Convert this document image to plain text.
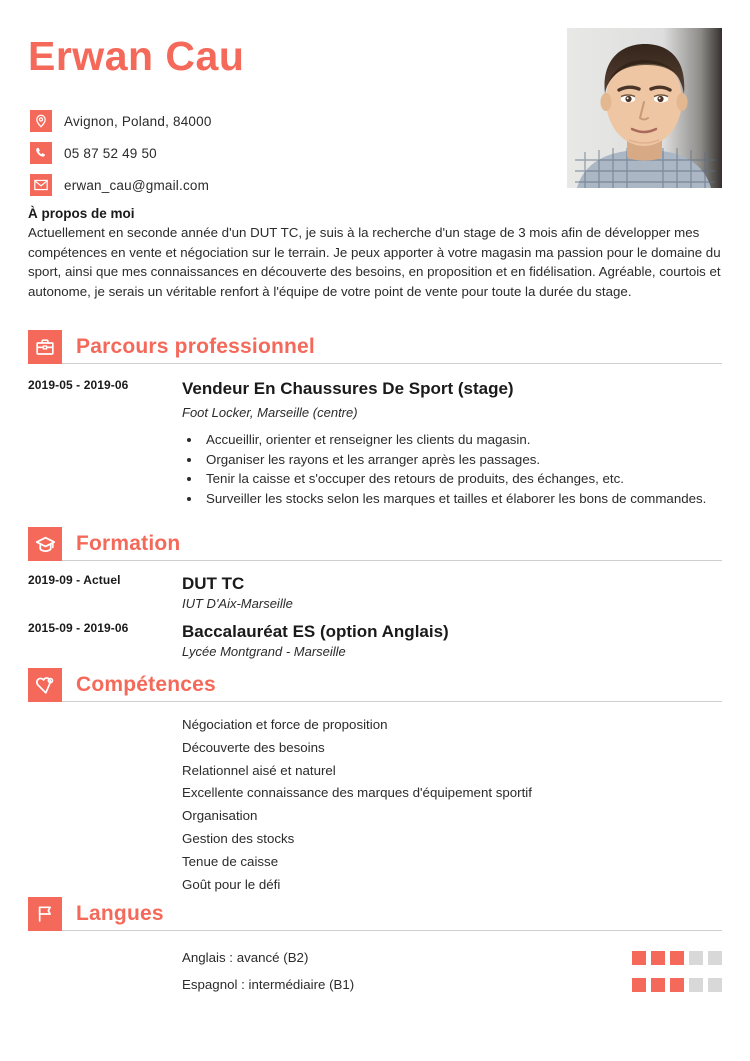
Erwan Cau
Avignon, Poland, 84000
05 87 52 49 50
erwan_cau@gmail.com
À propos de moi
Actuellement en seconde année d'un DUT TC, je suis à la recherche d'un stage de 3 mois afin de développer mes compétences en vente et négociation sur le terrain. Je peux apporter à votre magasin ma passion pour le domaine du sport, ainsi que mes connaissances en découverte des besoins, en proposition et en fidélisation. Agréable, courtois et autonome, je serais un véritable renfort à l'équipe de votre point de vente pour toute la durée du stage.
Parcours professionnel
2019-05 - 2019-06	Vendeur En Chaussures De Sport (stage)
Foot Locker, Marseille (centre)
• Accueillir, orienter et renseigner les clients du magasin.
• Organiser les rayons et les arranger après les passages.
• Tenir la caisse et s'occuper des retours de produits, des échanges, etc.
• Surveiller les stocks selon les marques et tailles et élaborer les bons de commandes.
Formation
2019-09 - Actuel	DUT TC
IUT D'Aix-Marseille
2015-09 - 2019-06	Baccalauréat ES (option Anglais)
Lycée Montgrand - Marseille
Compétences
Négociation et force de proposition
Découverte des besoins
Relationnel aisé et naturel
Excellente connaissance des marques d'équipement sportif
Organisation
Gestion des stocks
Tenue de caisse
Goût pour le défi
Langues
Anglais : avancé (B2)
Espagnol : intermédiaire (B1)
